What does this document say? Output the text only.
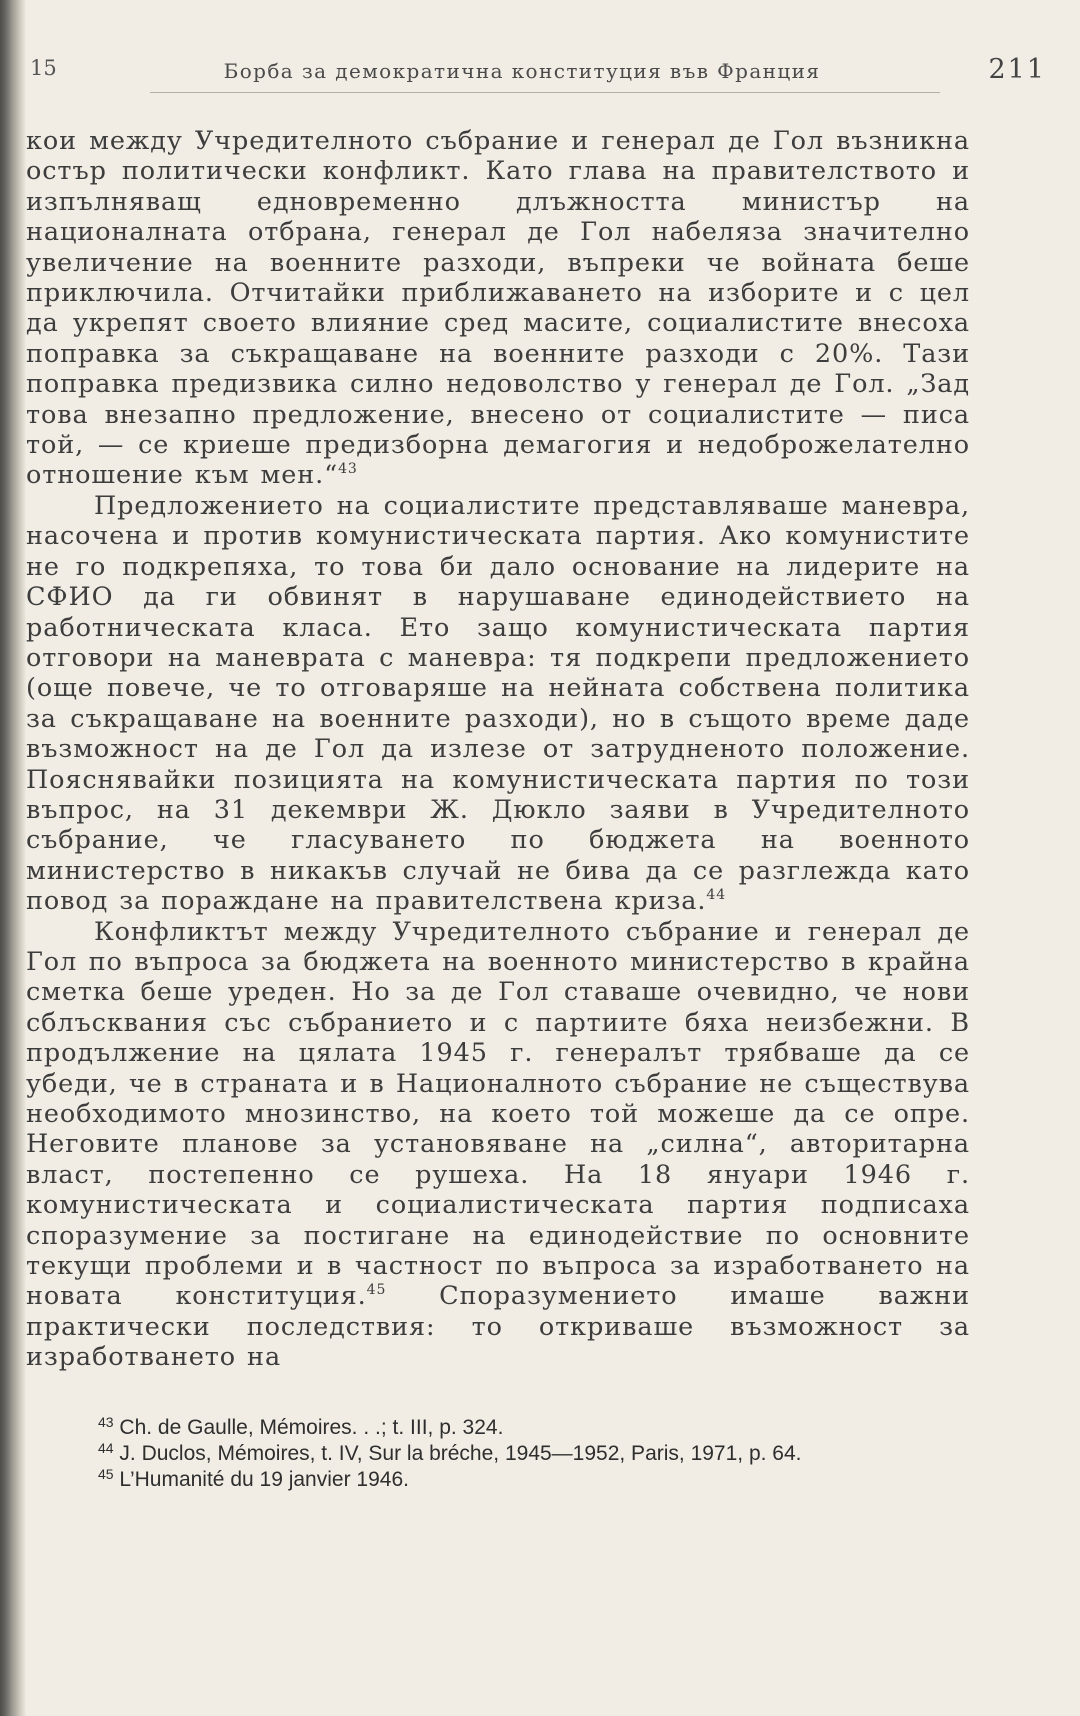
15	Борба за демократична конституция във Франция	211

кои между Учредителното събрание и генерал де Гол възникна остър политически конфликт. Като глава на правителството и изпълняващ едновременно длъжността министър на националната отбрана, генерал де Гол набеляза значително увеличение на военните разходи, въпреки че войната беше приключила. Отчитайки приближаването на изборите и с цел да укрепят своето влияние сред масите, социалистите внесоха поправка за съкращаване на военните разходи с 20%. Тази поправка предизвика силно недоволство у генерал де Гол. „Зад това внезапно предложение, внесено от социалистите — писа той, — се криеше предизборна демагогия и недоброжелателно отношение към мен.“$^{43}$

Предложението на социалистите представляваше маневра, насочена и против комунистическата партия. Ако комунистите не го подкрепяха, то това би дало основание на лидерите на СФИО да ги обвинят в нарушаване единодействието на работническата класа. Ето защо комунистическата партия отговори на маневрата с маневра: тя подкрепи предложението (още повече, че то отговаряше на нейната собствена политика за съкращаване на военните разходи), но в същото време даде възможност на де Гол да излезе от затрудненото положение. Пояснявайки позицията на комунистическата партия по този въпрос, на 31 декември Ж. Дюкло заяви в Учредителното събрание, че гласуването по бюджета на военното министерство в никакъв случай не бива да се разглежда като повод за пораждане на правителствена криза.$^{44}$

Конфликтът между Учредителното събрание и генерал де Гол по въпроса за бюджета на военното министерство в крайна сметка беше уреден. Но за де Гол ставаше очевидно, че нови сблъсквания със събранието и с партиите бяха неизбежни. В продължение на цялата 1945 г. генералът трябваше да се убеди, че в страната и в Националното събрание не съществува необходимото мнозинство, на което той можеше да се опре. Неговите планове за установяване на „силна“, авторитарна власт, постепенно се рушеха. На 18 януари 1946 г. комунистическата и социалистическата партия подписаха споразумение за постигане на единодействие по основните текущи проблеми и в частност по въпроса за изработването на новата конституция.$^{45}$ Споразумението имаше важни практически последствия: то откриваше възможност за изработването на

$^{43}$ Ch. de Gaulle, Mémoires. . .; t. III, p. 324.

$^{44}$ J. Duclos, Mémoires, t. IV, Sur la bréche, 1945—1952, Paris, 1971, p. 64.

$^{45}$ L’Humanité du 19 janvier 1946.
